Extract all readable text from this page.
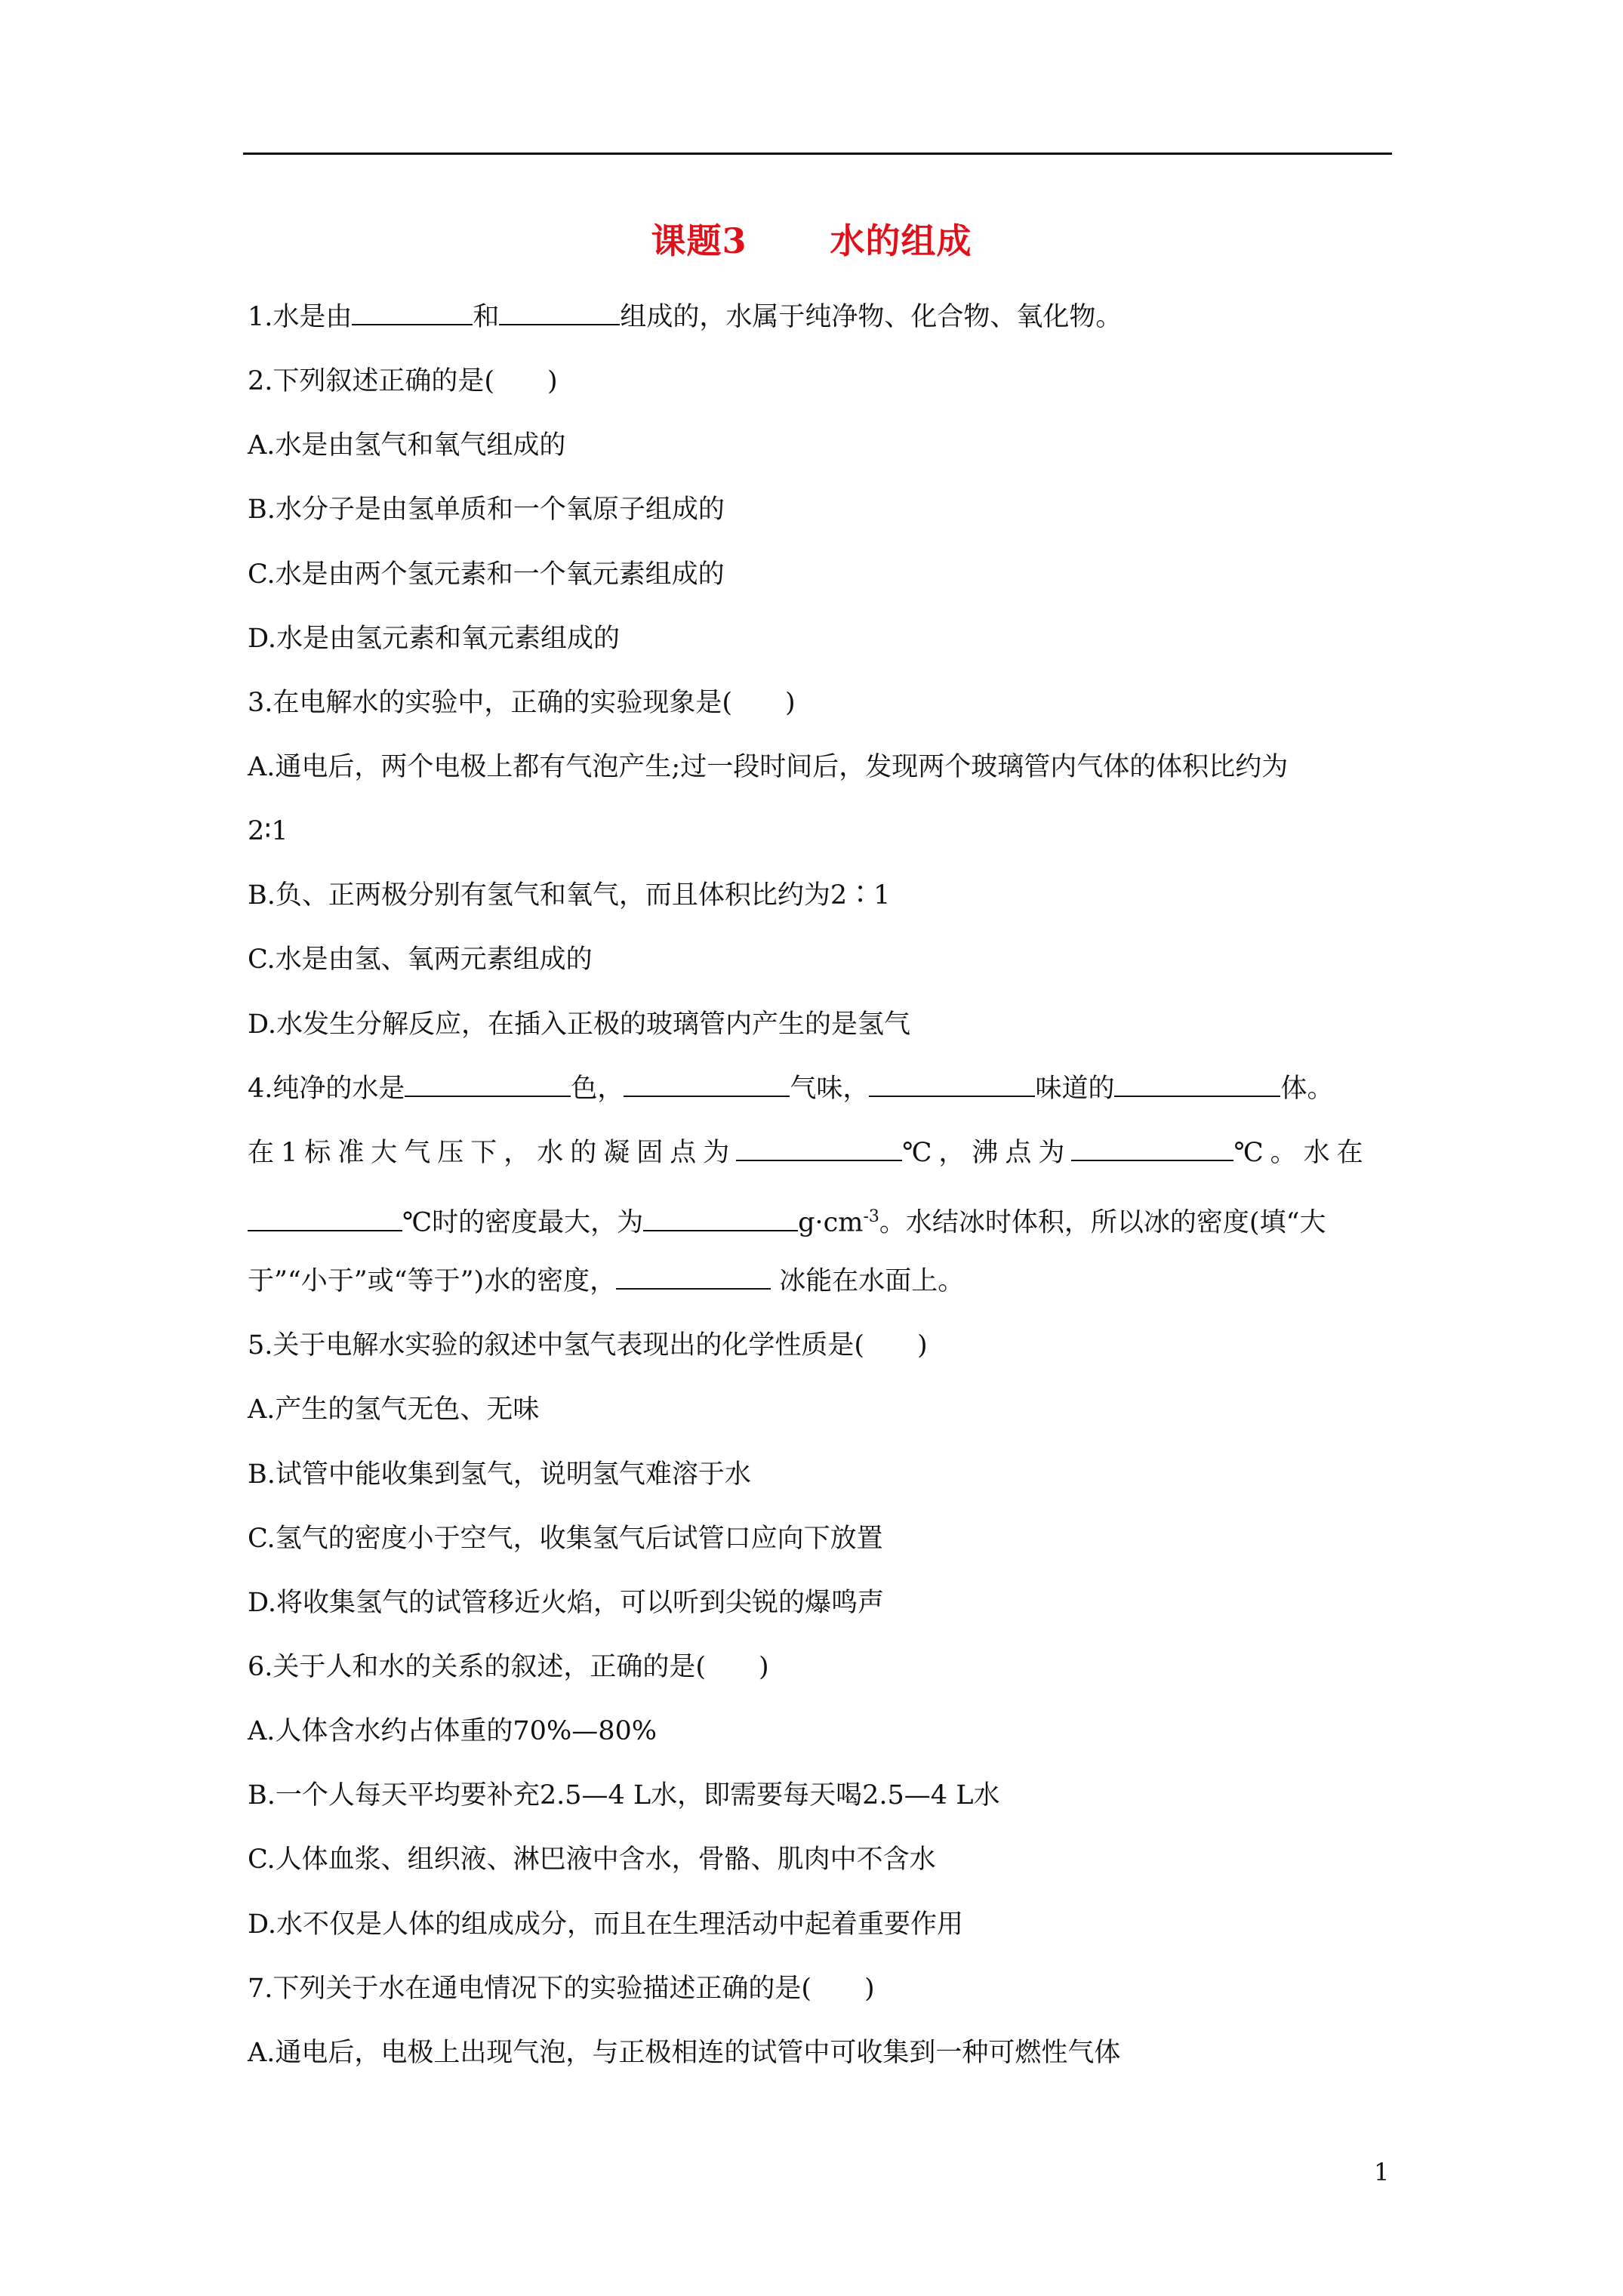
课题3 水的组成
1.水是由	和	组成的，水属于纯净物、化合物、氧化物。
2.下列叙述正确的是(　　)
A.水是由氢气和氧气组成的
B.水分子是由氢单质和一个氧原子组成的
C.水是由两个氢元素和一个氧元素组成的
D.水是由氢元素和氧元素组成的
3.在电解水的实验中，正确的实验现象是(　　)
A.通电后，两个电极上都有气泡产生;过一段时间后，发现两个玻璃管内气体的体积比约为
2∶1
B.负、正两极分别有氢气和氧气，而且体积比约为2∶1
C.水是由氢、氧两元素组成的
D.水发生分解反应，在插入正极的玻璃管内产生的是氢气
4.纯净的水是	色，	气味，	味道的	体。
在1标准大气压下，水的凝固点为	℃，沸点为	℃。水在
℃时的密度最大，为	$g\cdot cm^{-3}$。水结冰时体积，所以冰的密度(填“大
于”“小于”或“等于”)水的密度，	冰能在水面上。
5.关于电解水实验的叙述中氢气表现出的化学性质是(　　)
A.产生的氢气无色、无味
B.试管中能收集到氢气，说明氢气难溶于水
C.氢气的密度小于空气，收集氢气后试管口应向下放置
D.将收集氢气的试管移近火焰，可以听到尖锐的爆鸣声
6.关于人和水的关系的叙述，正确的是(　　)
A.人体含水约占体重的70%—80%
B.一个人每天平均要补充2.5—4 L水，即需要每天喝2.5—4 L水
C.人体血浆、组织液、淋巴液中含水，骨骼、肌肉中不含水
D.水不仅是人体的组成成分，而且在生理活动中起着重要作用
7.下列关于水在通电情况下的实验描述正确的是(　　)
A.通电后，电极上出现气泡，与正极相连的试管中可收集到一种可燃性气体
1
